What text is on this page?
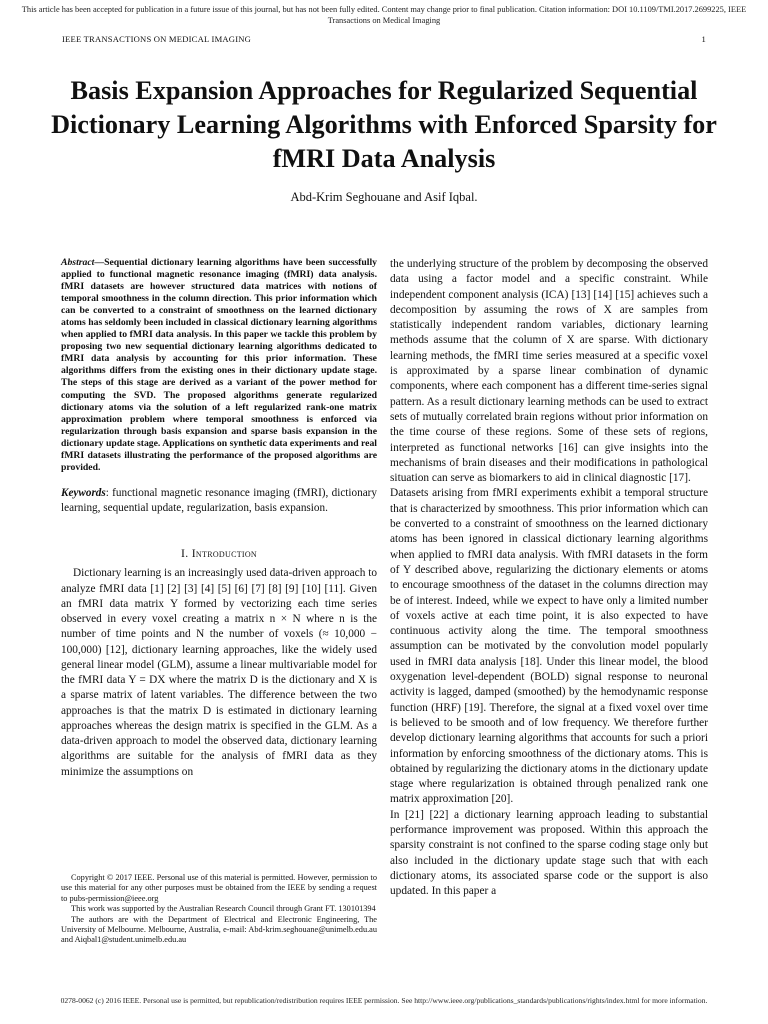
This article has been accepted for publication in a future issue of this journal, but has not been fully edited. Content may change prior to final publication. Citation information: DOI 10.1109/TMI.2017.2699225, IEEE Transactions on Medical Imaging
IEEE TRANSACTIONS ON MEDICAL IMAGING	1
Basis Expansion Approaches for Regularized Sequential Dictionary Learning Algorithms with Enforced Sparsity for fMRI Data Analysis
Abd-Krim Seghouane and Asif Iqbal.

Abstract—Sequential dictionary learning algorithms have been successfully applied to functional magnetic resonance imaging (fMRI) data analysis. fMRI datasets are however structured data matrices with notions of temporal smoothness in the column direction. This prior information which can be converted to a constraint of smoothness on the learned dictionary atoms has seldomly been included in classical dictionary learning algorithms when applied to fMRI data analysis. In this paper we tackle this problem by proposing two new sequential dictionary learning algorithms dedicated to fMRI data analysis by accounting for this prior information. These algorithms differs from the existing ones in their dictionary update stage. The steps of this stage are derived as a variant of the power method for computing the SVD. The proposed algorithms generate regularized dictionary atoms via the solution of a left regularized rank-one matrix approximation problem where temporal smoothness is enforced via regularization through basis expansion and sparse basis expansion in the dictionary update stage. Applications on synthetic data experiments and real fMRI datasets illustrating the performance of the proposed algorithms are provided.

Keywords: functional magnetic resonance imaging (fMRI), dictionary learning, sequential update, regularization, basis expansion.

I. Introduction

Dictionary learning is an increasingly used data-driven approach to analyze fMRI data [1] [2] [3] [4] [5] [6] [7] [8] [9] [10] [11]. Given an fMRI data matrix Y formed by vectorizing each time series observed in every voxel creating a matrix n × N where n is the number of time points and N the number of voxels (≈ 10,000 − 100,000) [12], dictionary learning approaches, like the widely used general linear model (GLM), assume a linear multivariable model for the fMRI data Y = DX where the matrix D is the dictionary and X is a sparse matrix of latent variables. The difference between the two approaches is that the matrix D is estimated in dictionary learning approaches whereas the design matrix is specified in the GLM. As a data-driven approach to model the observed data, dictionary learning algorithms are suitable for the analysis of fMRI data as they minimize the assumptions on

the underlying structure of the problem by decomposing the observed data using a factor model and a specific constraint. While independent component analysis (ICA) [13] [14] [15] achieves such a decomposition by assuming the rows of X are samples from statistically independent random variables, dictionary learning methods assume that the column of X are sparse. With dictionary learning methods, the fMRI time series measured at a specific voxel is approximated by a sparse linear combination of dynamic components, where each component has a different time-series signal pattern. As a result dictionary learning methods can be used to extract sets of mutually correlated brain regions without prior information on the time course of these regions. Some of these sets of regions, interpreted as functional networks [16] can give insights into the mechanisms of brain diseases and their modifications in pathological situation can serve as biomarkers to aid in clinical diagnostic [17].

Datasets arising from fMRI experiments exhibit a temporal structure that is characterized by smoothness. This prior information which can be converted to a constraint of smoothness on the learned dictionary atoms has been ignored in classical dictionary learning algorithms when applied to fMRI data analysis. With fMRI datasets in the form of Y described above, regularizing the dictionary elements or atoms to encourage smoothness of the dataset in the columns direction may be of interest. Indeed, while we expect to have only a limited number of voxels active at each time point, it is also expected to have continuous activity along the time. The temporal smoothness assumption can be motivated by the convolution model popularly used in fMRI data analysis [18]. Under this linear model, the blood oxygenation level-dependent (BOLD) signal response to neuronal activity is lagged, damped (smoothed) by the hemodynamic response function (HRF) [19]. Therefore, the signal at a fixed voxel over time is believed to be smooth and of low frequency. We therefore further develop dictionary learning algorithms that accounts for such a priori information by enforcing smoothness of the dictionary atoms. This is obtained by regularizing the dictionary atoms in the dictionary update stage where regularization is obtained through penalized rank one matrix approximation [20].

In [21] [22] a dictionary learning approach leading to substantial performance improvement was proposed. Within this approach the sparsity constraint is not confined to the sparse coding stage only but also included in the dictionary update stage such that with each dictionary atoms, its associated sparse code or the support is also updated. In this paper a

Copyright © 2017 IEEE. Personal use of this material is permitted. However, permission to use this material for any other purposes must be obtained from the IEEE by sending a request to pubs-permission@ieee.org

This work was supported by the Australian Research Council through Grant FT. 130101394

The authors are with the Department of Electrical and Electronic Engineering, The University of Melbourne. Melbourne, Australia, e-mail: Abd-krim.seghouane@unimelb.edu.au and Aiqbal1@student.unimelb.edu.au

0278-0062 (c) 2016 IEEE. Personal use is permitted, but republication/redistribution requires IEEE permission. See http://www.ieee.org/publications_standards/publications/rights/index.html for more information.
